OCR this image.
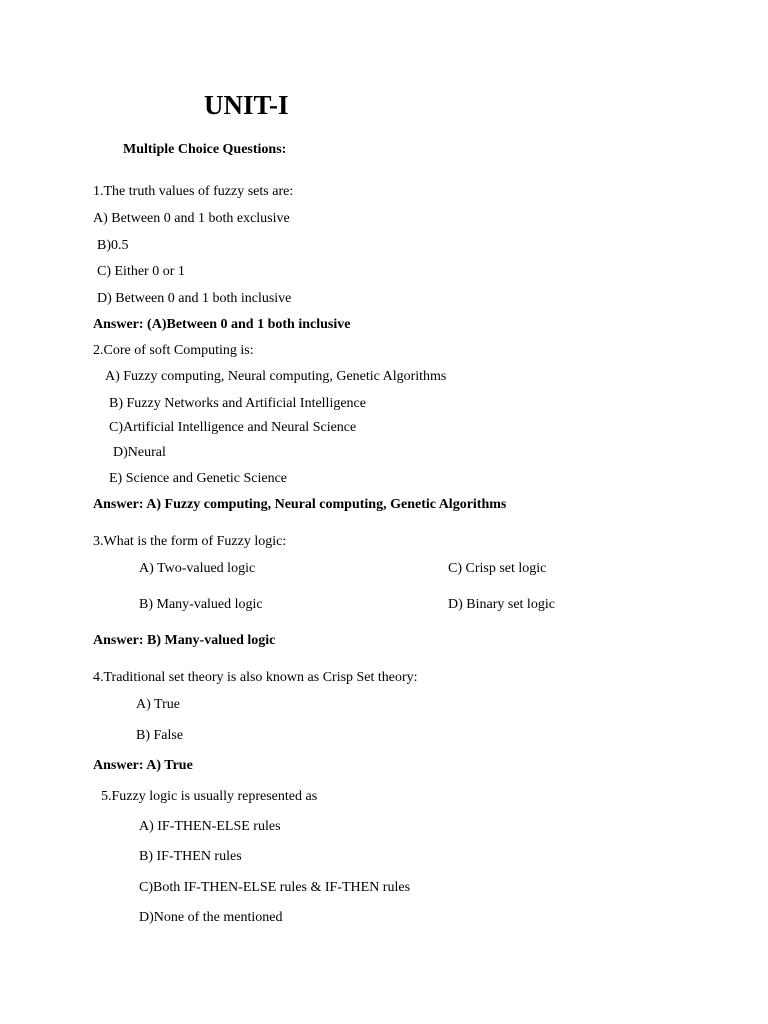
UNIT-I
Multiple Choice Questions:
1.The truth values of fuzzy sets are:
A) Between 0 and 1 both exclusive
B)0.5
C) Either 0 or 1
D) Between 0 and 1 both inclusive
Answer: (A)Between 0 and 1 both inclusive
2.Core of soft Computing is:
A) Fuzzy computing, Neural computing, Genetic Algorithms
B) Fuzzy Networks and Artificial Intelligence
C)Artificial Intelligence and Neural Science
D)Neural
E) Science and Genetic Science
Answer: A) Fuzzy computing, Neural computing, Genetic Algorithms
3.What is the form of Fuzzy logic:
A) Two-valued logic	C) Crisp set logic
B) Many-valued logic	D) Binary set logic
Answer: B) Many-valued logic
4.Traditional set theory is also known as Crisp Set theory:
A) True
B) False
Answer: A) True
5.Fuzzy logic is usually represented as
A) IF-THEN-ELSE rules
B) IF-THEN rules
C)Both IF-THEN-ELSE rules & IF-THEN rules
D)None of the mentioned
